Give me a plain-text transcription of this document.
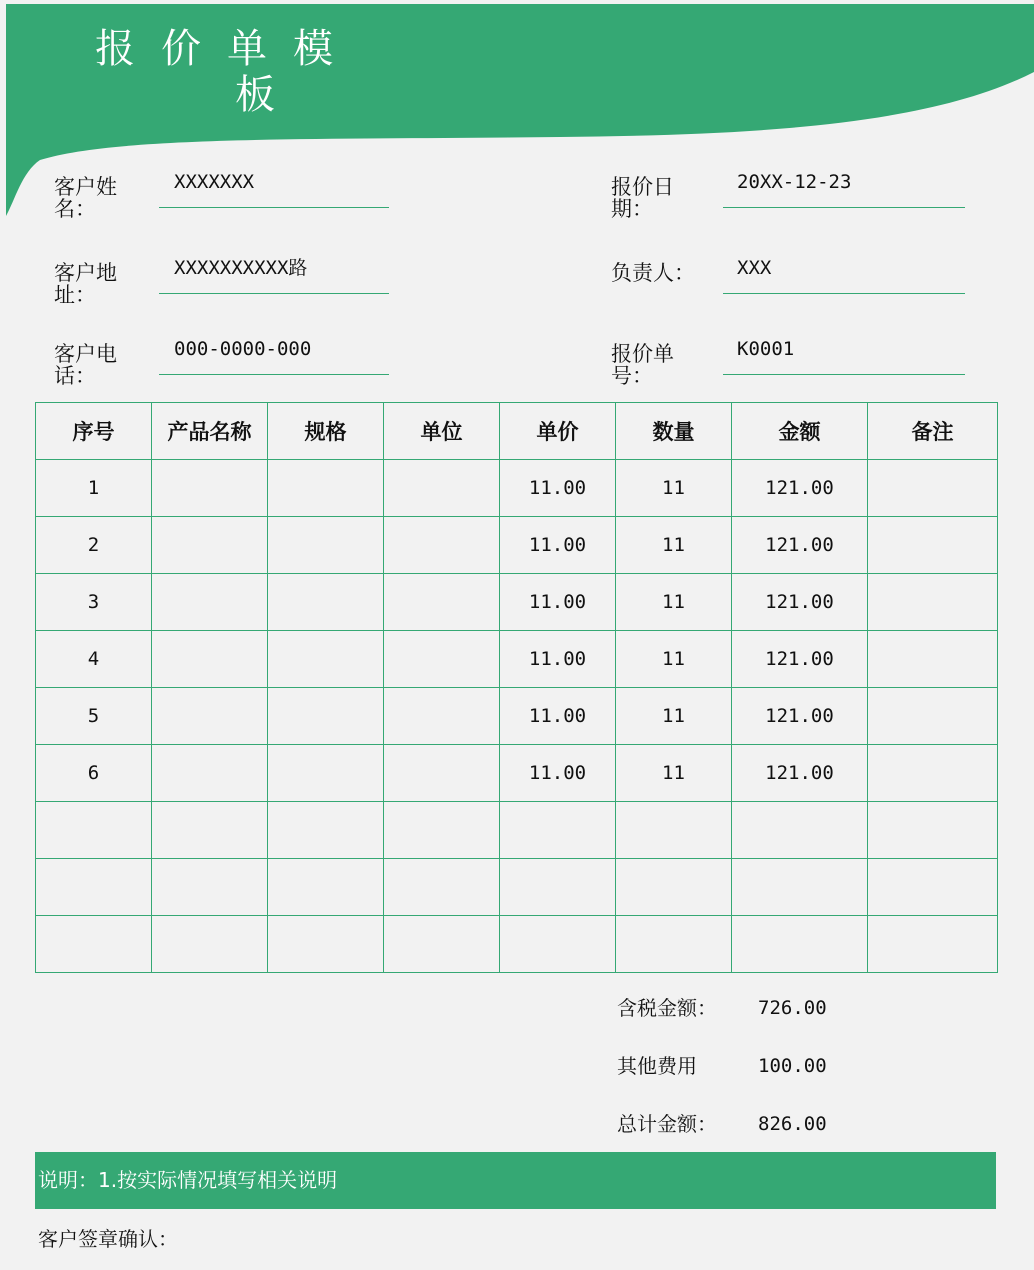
报价单模
板
客户姓名：
XXXXXXX
客户地址：
XXXXXXXXXX路
客户电话：
000-0000-000
报价日期：
20XX-12-23
负责人：	XXX
报价单号：
K0001
序号	产品名称	规格	单位	单价	数量	金额	备注
1				11.00	11	121.00	
2				11.00	11	121.00	
3				11.00	11	121.00	
4				11.00	11	121.00	
5				11.00	11	121.00	
6				11.00	11	121.00	

含税金额： 726.00
其他费用	100.00
总计金额： 826.00
说明：1.按实际情况填写相关说明
客户签章确认：
